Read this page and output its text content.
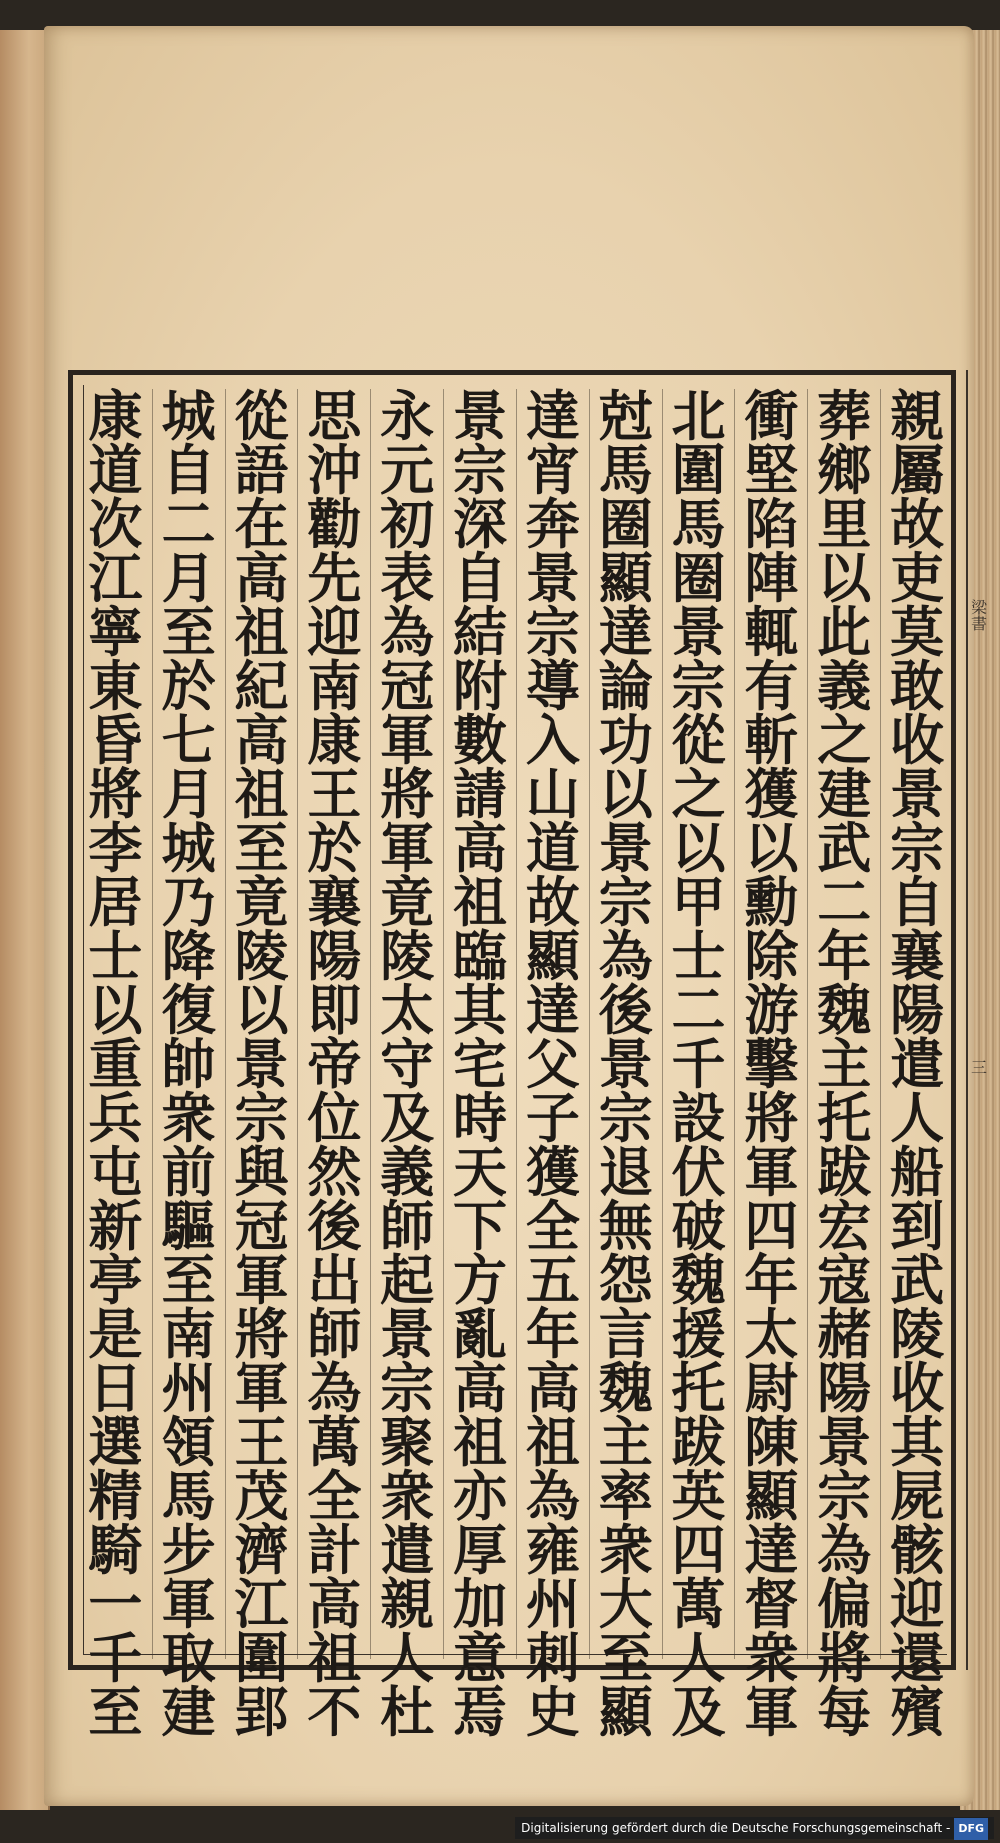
親
屬
故
吏
莫
敢
收
景
宗
自
襄
陽
遣
人
船
到
武
陵
收
其
屍
骸
迎
還
殯
葬
鄉
里
以
此
義
之
建
武
二
年
魏
主
托
跋
宏
寇
赭
陽
景
宗
為
偏
將
每
衝
堅
陷
陣
輒
有
斬
獲
以
勳
除
游
擊
將
軍
四
年
太
尉
陳
顯
達
督
衆
軍
北
圍
馬
圈
景
宗
從
之
以
甲
士
二
千
設
伏
破
魏
援
托
跋
英
四
萬
人
及
尅
馬
圈
顯
達
論
功
以
景
宗
為
後
景
宗
退
無
怨
言
魏
主
率
衆
大
至
顯
達
宵
奔
景
宗
導
入
山
道
故
顯
達
父
子
獲
全
五
年
高
祖
為
雍
州
刺
史
景
宗
深
自
結
附
數
請
高
祖
臨
其
宅
時
天
下
方
亂
高
祖
亦
厚
加
意
焉
永
元
初
表
為
冠
軍
將
軍
竟
陵
太
守
及
義
師
起
景
宗
聚
衆
遣
親
人
杜
思
沖
勸
先
迎
南
康
王
於
襄
陽
即
帝
位
然
後
出
師
為
萬
全
計
高
祖
不
從
語
在
高
祖
紀
高
祖
至
竟
陵
以
景
宗
與
冠
軍
將
軍
王
茂
濟
江
圍
郢
城
自
二
月
至
於
七
月
城
乃
降
復
帥
衆
前
驅
至
南
州
領
馬
步
軍
取
建
康
道
次
江
寧
東
昏
將
李
居
士
以
重
兵
屯
新
亭
是
日
選
精
騎
一
千
至
梁
書
三
Digitalisierung gefördert durch die Deutsche Forschungsgemeinschaft - DFG
